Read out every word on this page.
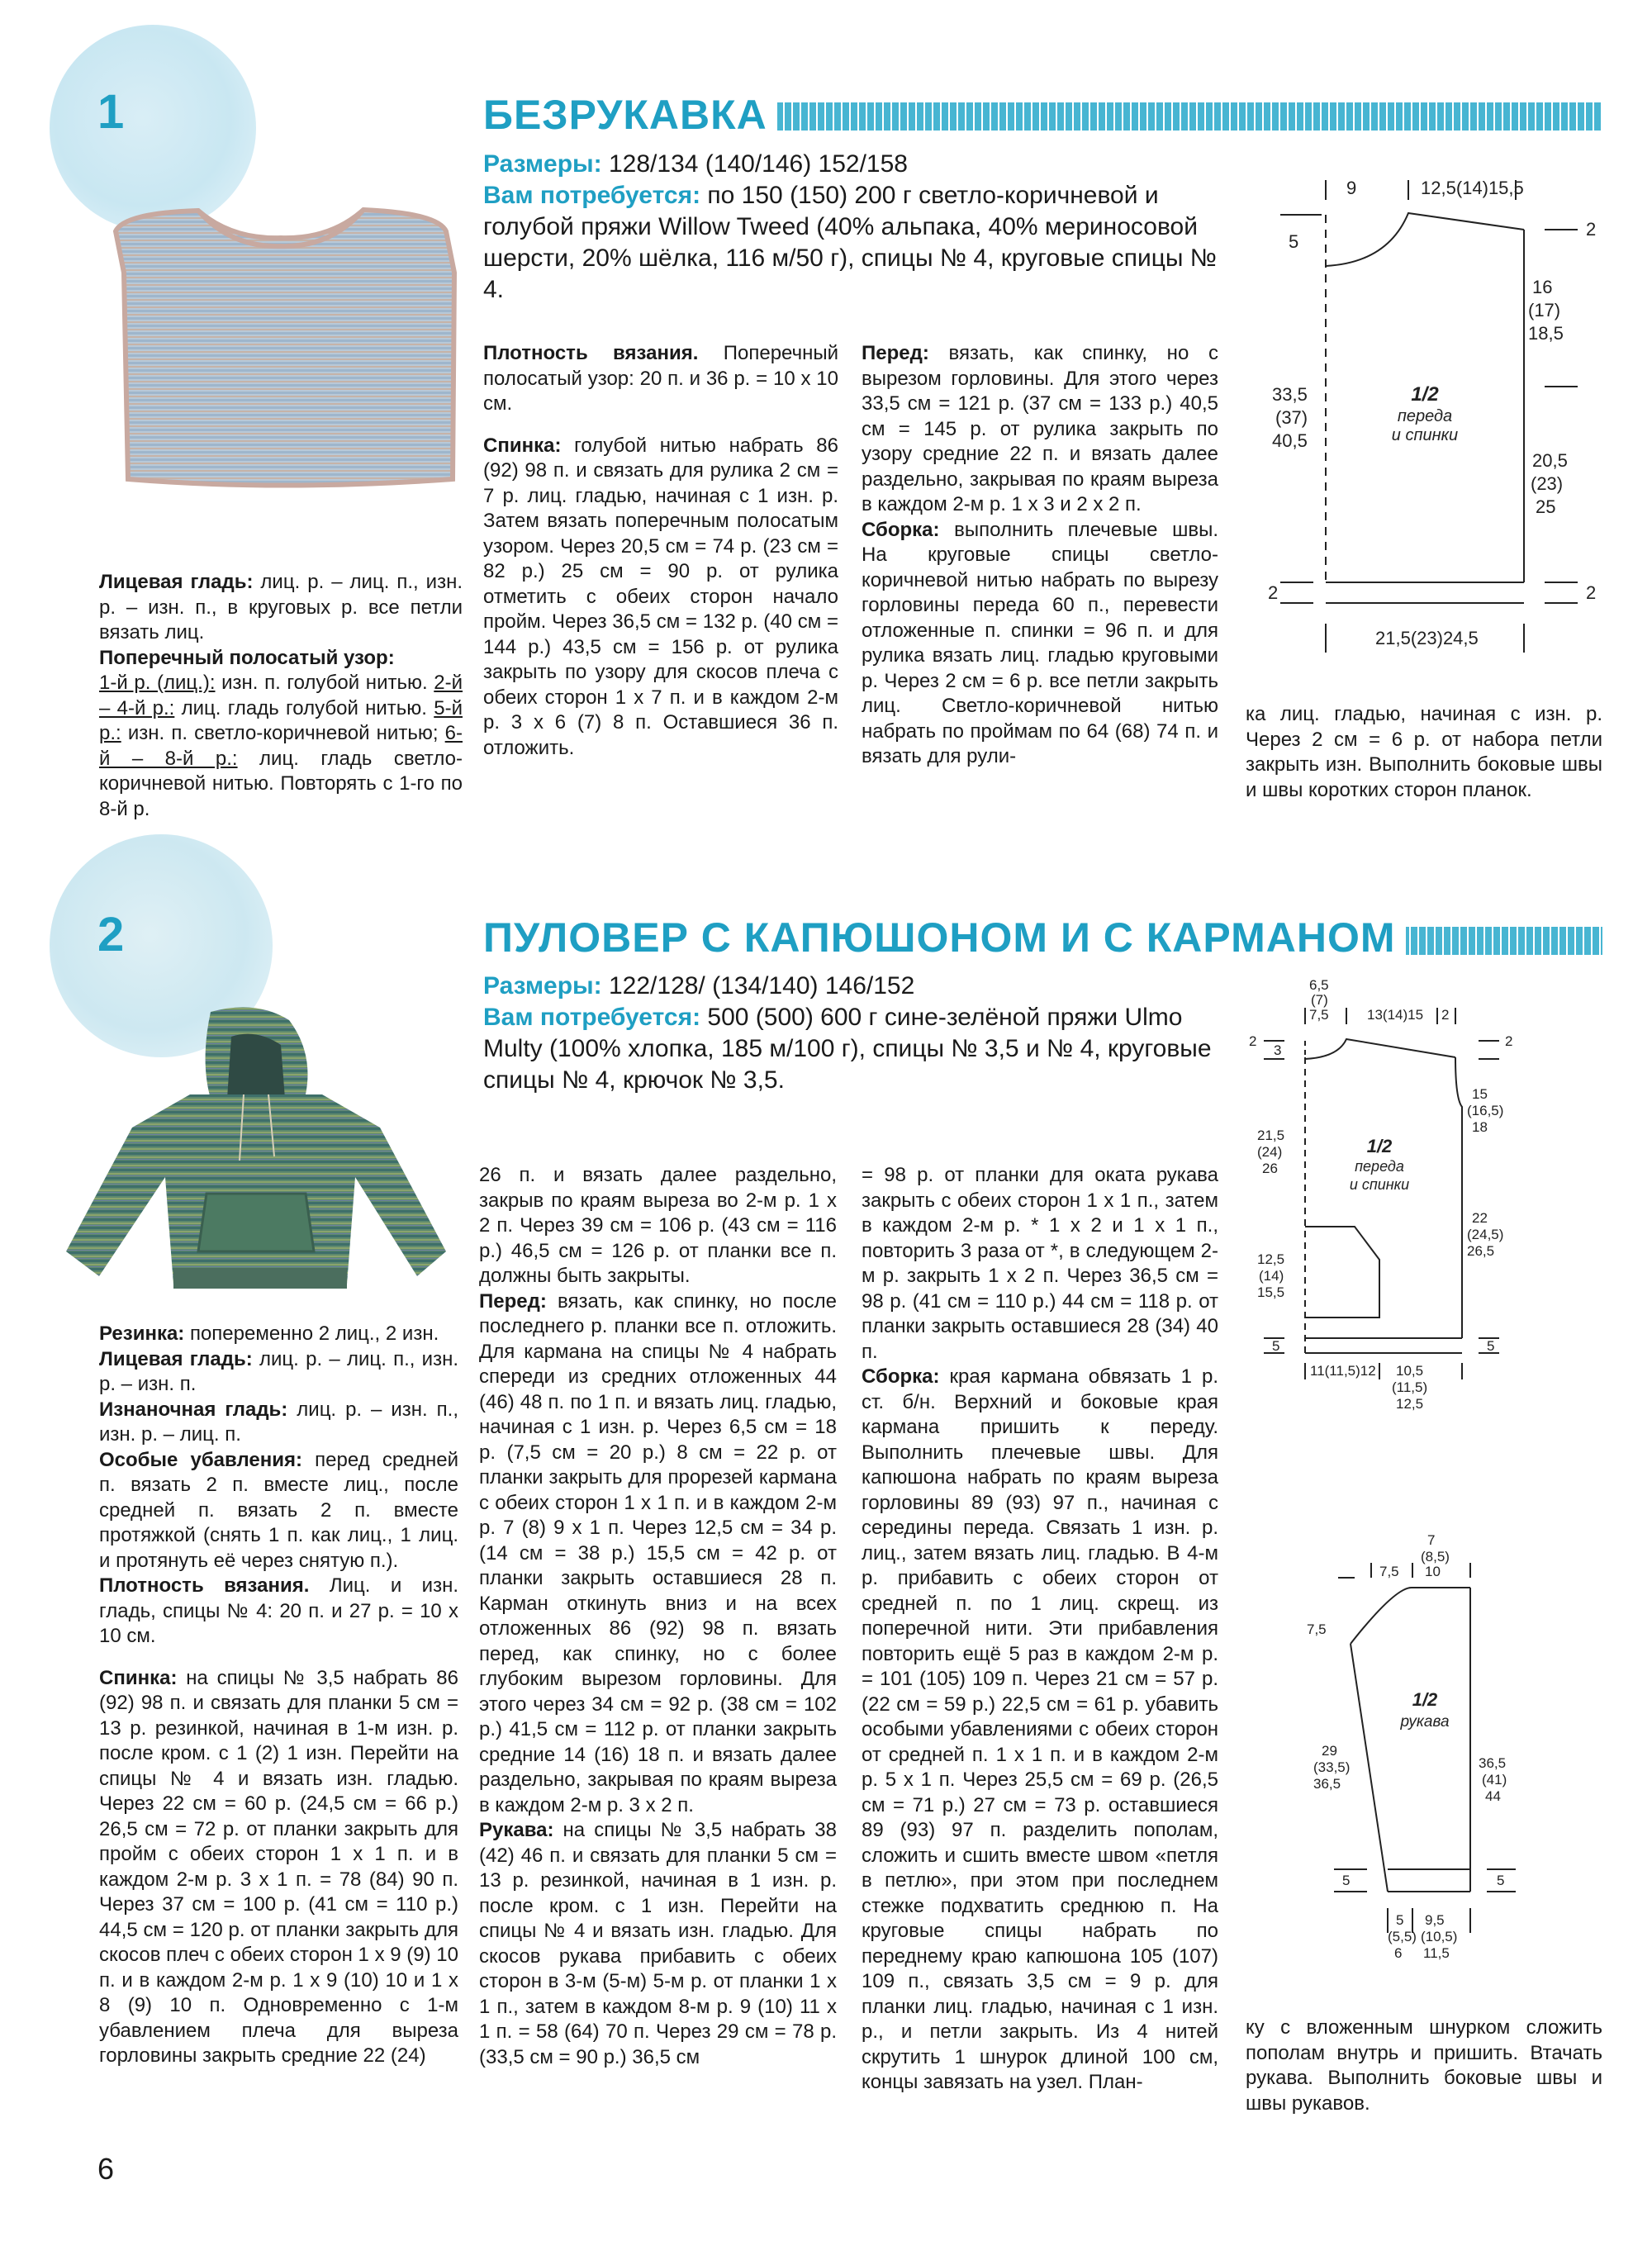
1	БЕЗРУКАВКА
Размеры: 128/134 (140/146) 152/158
Вам потребуется: по 150 (150) 200 г светло-коричневой и голубой пряжи Willow Tweed (40% альпака, 40% мериносовой шерсти, 20% шёлка, 116 м/50 г), спицы № 4, круговые спицы № 4.

Лицевая гладь: лиц. р. – лиц. п., изн. р. – изн. п., в круговых р. все петли вязать лиц.

Поперечный полосатый узор:

1-й р. (лиц.): изн. п. голубой нитью. 2-й – 4-й р.: лиц. гладь голубой нитью. 5-й р.: изн. п. светло-коричневой нитью; 6-й – 8-й р.: лиц. гладь светло-коричневой нитью. Повторять с 1-го по 8-й р.

Плотность вязания. Поперечный полосатый узор: 20 п. и 36 р. = 10 х 10 см.

Спинка: голубой нитью набрать 86 (92) 98 п. и связать для рулика 2 см = 7 р. лиц. гладью, начиная с 1 изн. р. Затем вязать поперечным полосатым узором. Через 20,5 см = 74 р. (23 см = 82 р.) 25 см = 90 р. от рулика отметить с обеих сторон начало пройм. Через 36,5 см = 132 р. (40 см = 144 р.) 43,5 см = 156 р. от рулика закрыть по узору для скосов плеча с обеих сторон 1 х 7 п. и в каждом 2-м р. 3 х 6 (7) 8 п. Оставшиеся 36 п. отложить.

Перед: вязать, как спинку, но с вырезом горловины. Для этого через 33,5 см = 121 р. (37 см = 133 р.) 40,5 см = 145 р. от рулика закрыть по узору средние 22 п. и вязать далее раздельно, закрывая по краям выреза в каждом 2-м р. 1 х 3 и 2 х 2 п.

Сборка: выполнить плечевые швы. На круговые спицы светло-коричневой нитью набрать по вырезу горловины переда 60 п., перевести отложенные п. спинки = 96 п. и для рулика вязать лиц. гладью круговыми р. Через 2 см = 6 р. все петли закрыть лиц. Светло-коричневой нитью набрать по проймам по 64 (68) 74 п. и вязать для рули-

ка лиц. гладью, начиная с изн. р. Через 2 см = 6 р. от набора петли закрыть изн. Выполнить боковые швы и швы коротких сторон планок.

9	12,5(14)15,5
5
2
16
(17)
18,5
33,5
(37)
40,5
1/2
переда
и спинки
20,5
(23)
25
2	2
21,5(23)24,5
2	ПУЛОВЕР С КАПЮШОНОМ И С КАРМАНОМ
Размеры: 122/128/ (134/140) 146/152
Вам потребуется: 500 (500) 600 г сине-зелёной пряжи Ulmo Multy (100% хлопка, 185 м/100 г), спицы № 3,5 и № 4, круговые спицы № 4, крючок № 3,5.

Резинка: попеременно 2 лиц., 2 изн.

Лицевая гладь: лиц. р. – лиц. п., изн. р. – изн. п.

Изнаночная гладь: лиц. р. – изн. п., изн. р. – лиц. п.

Особые убавления: перед средней п. вязать 2 п. вместе лиц., после средней п. вязать 2 п. вместе протяжкой (снять 1 п. как лиц., 1 лиц. и протянуть её через снятую п.).

Плотность вязания. Лиц. и изн. гладь, спицы № 4: 20 п. и 27 р. = 10 х 10 см.

Спинка: на спицы № 3,5 набрать 86 (92) 98 п. и связать для планки 5 см = 13 р. резинкой, начиная в 1-м изн. р. после кром. с 1 (2) 1 изн. Перейти на спицы № 4 и вязать изн. гладью. Через 22 см = 60 р. (24,5 см = 66 р.) 26,5 см = 72 р. от планки закрыть для пройм с обеих сторон 1 х 1 п. и в каждом 2-м р. 3 х 1 п. = 78 (84) 90 п. Через 37 см = 100 р. (41 см = 110 р.) 44,5 см = 120 р. от планки закрыть для скосов плеч с обеих сторон 1 х 9 (9) 10 п. и в каждом 2-м р. 1 х 9 (10) 10 и 1 х 8 (9) 10 п. Одновременно с 1-м убавлением плеча для выреза горловины закрыть средние 22 (24)

26 п. и вязать далее раздельно, закрыв по краям выреза во 2-м р. 1 х 2 п. Через 39 см = 106 р. (43 см = 116 р.) 46,5 см = 126 р. от планки все п. должны быть закрыты.

Перед: вязать, как спинку, но после последнего р. планки все п. отложить. Для кармана на спицы № 4 набрать спереди из средних отложенных 44 (46) 48 п. по 1 п. и вязать лиц. гладью, начиная с 1 изн. р. Через 6,5 см = 18 р. (7,5 см = 20 р.) 8 см = 22 р. от планки закрыть для прорезей кармана с обеих сторон 1 х 1 п. и в каждом 2-м р. 7 (8) 9 х 1 п. Через 12,5 см = 34 р. (14 см = 38 р.) 15,5 см = 42 р. от планки закрыть оставшиеся 28 п. Карман откинуть вниз и на всех отложенных 86 (92) 98 п. вязать перед, как спинку, но с более глубоким вырезом горловины. Для этого через 34 см = 92 р. (38 см = 102 р.) 41,5 см = 112 р. от планки закрыть средние 14 (16) 18 п. и вязать далее раздельно, закрывая по краям выреза в каждом 2-м р. 3 х 2 п.

Рукава: на спицы № 3,5 набрать 38 (42) 46 п. и связать для планки 5 см = 13 р. резинкой, начиная в 1 изн. р. после кром. с 1 изн. Перейти на спицы № 4 и вязать изн. гладью. Для скосов рукава прибавить с обеих сторон в 3-м (5-м) 5-м р. от планки 1 х 1 п., затем в каждом 8-м р. 9 (10) 11 х 1 п. = 58 (64) 70 п. Через 29 см = 78 р. (33,5 см = 90 р.) 36,5 см

= 98 р. от планки для оката рукава закрыть с обеих сторон 1 х 1 п., затем в каждом 2-м р. * 1 х 2 и 1 х 1 п., повторить 3 раза от *, в следующем 2-м р. закрыть 1 х 2 п. Через 36,5 см = 98 р. (41 см = 110 р.) 44 см = 118 р. от планки закрыть оставшиеся 28 (34) 40 п.

Сборка: края кармана обвязать 1 р. ст. б/н. Верхний и боковые края кармана пришить к переду. Выполнить плечевые швы. Для капюшона набрать по краям выреза горловины 89 (93) 97 п., начиная с середины переда. Связать 1 изн. р. лиц., затем вязать лиц. гладью. В 4-м р. прибавить с обеих сторон от средней п. по 1 лиц. скрещ. из поперечной нити. Эти прибавления повторить ещё 5 раз в каждом 2-м р. = 101 (105) 109 п. Через 21 см = 57 р. (22 см = 59 р.) 22,5 см = 61 р. убавить особыми убавлениями с обеих сторон от средней п. 1 х 1 п. и в каждом 2-м р. 5 х 1 п. Через 25,5 см = 69 р. (26,5 см = 71 р.) 27 см = 73 р. оставшиеся 89 (93) 97 п. разделить пополам, сложить и сшить вместе швом «петля в петлю», при этом при последнем стежке подхватить среднюю п. На круговые спицы набрать по переднему краю капюшона 105 (107) 109 п., связать 3,5 см = 9 р. для планки лиц. гладью, начиная с 1 изн. р., и петли закрыть. Из 4 нитей скрутить 1 шнурок длиной 100 см, концы завязать на узел. План-

ку с вложенным шнурком сложить пополам внутрь и пришить. Втачать рукава. Выполнить боковые швы и швы рукавов.

6,5
(7)
7,5	13(14)15 2
2	2
3
15
(16,5)
18
21,5
(24)
26
1/2
переда
и спинки
22
(24,5)
26,5
12,5
(14)
15,5
5	5
11(11,5)12 10,5
(11,5)
12,5
7
(8,5)
10
7,5
7,5
1/2
рукава
29
(33,5)
36,5
36,5
(41)
44
5	5
5
(5,5)
6
9,5
(10,5)
11,5
6
